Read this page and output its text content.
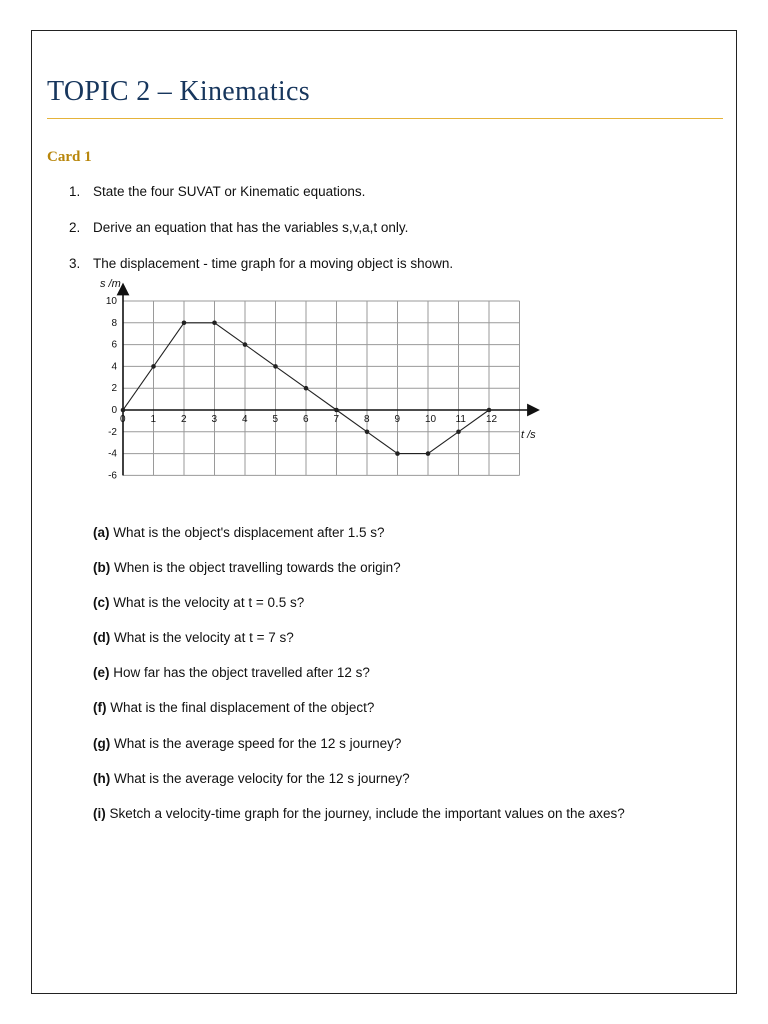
TOPIC 2 – Kinematics
Card 1
1. State the four SUVAT or Kinematic equations.
2. Derive an equation that has the variables s,v,a,t only.
3. The displacement - time graph for a moving object is shown.
0 1 2 3 4 5 6 7 8 9 10 11 12
10
8
6
4
2
0
-2
-4
-6
s /m
t /s
(a) What is the object's displacement after 1.5 s?
(b) When is the object travelling towards the origin?
(c) What is the velocity at t = 0.5 s?
(d) What is the velocity at t = 7 s?
(e) How far has the object travelled after 12 s?
(f) What is the final displacement of the object?
(g) What is the average speed for the 12 s journey?
(h) What is the average velocity for the 12 s journey?
(i) Sketch a velocity-time graph for the journey, include the important values on the axes?
